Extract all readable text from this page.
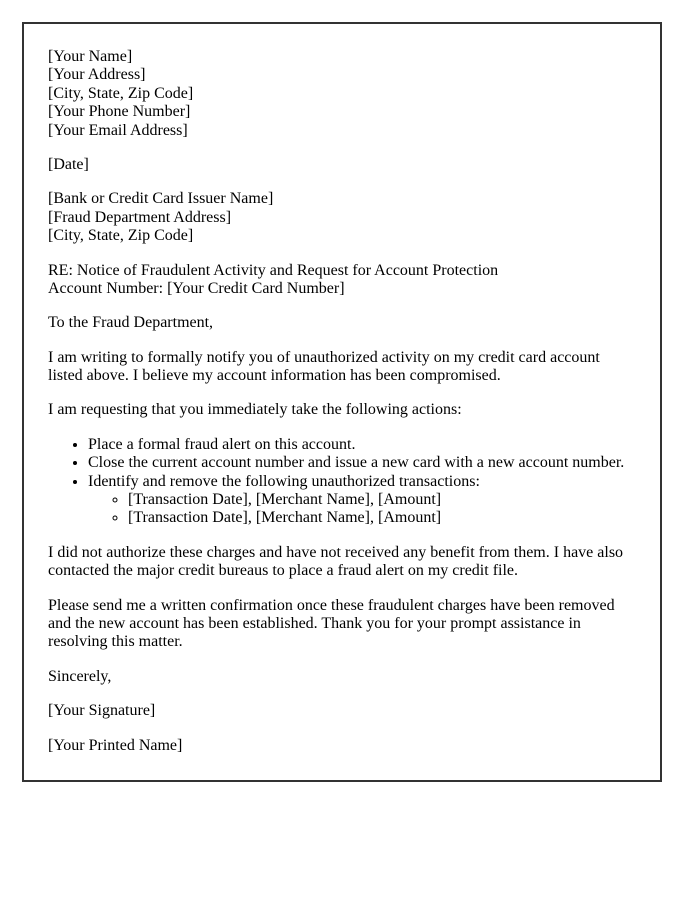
[Your Name]
[Your Address]
[City, State, Zip Code]
[Your Phone Number]
[Your Email Address]

[Date]

[Bank or Credit Card Issuer Name]
[Fraud Department Address]
[City, State, Zip Code]

RE: Notice of Fraudulent Activity and Request for Account Protection
Account Number: [Your Credit Card Number]

To the Fraud Department,

I am writing to formally notify you of unauthorized activity on my credit card account listed above. I believe my account information has been compromised.

I am requesting that you immediately take the following actions:

• Place a formal fraud alert on this account.
• Close the current account number and issue a new card with a new account number.
• Identify and remove the following unauthorized transactions:
◦ [Transaction Date], [Merchant Name], [Amount]
◦ [Transaction Date], [Merchant Name], [Amount]

I did not authorize these charges and have not received any benefit from them. I have also contacted the major credit bureaus to place a fraud alert on my credit file.

Please send me a written confirmation once these fraudulent charges have been removed and the new account has been established. Thank you for your prompt assistance in resolving this matter.

Sincerely,

[Your Signature]

[Your Printed Name]
